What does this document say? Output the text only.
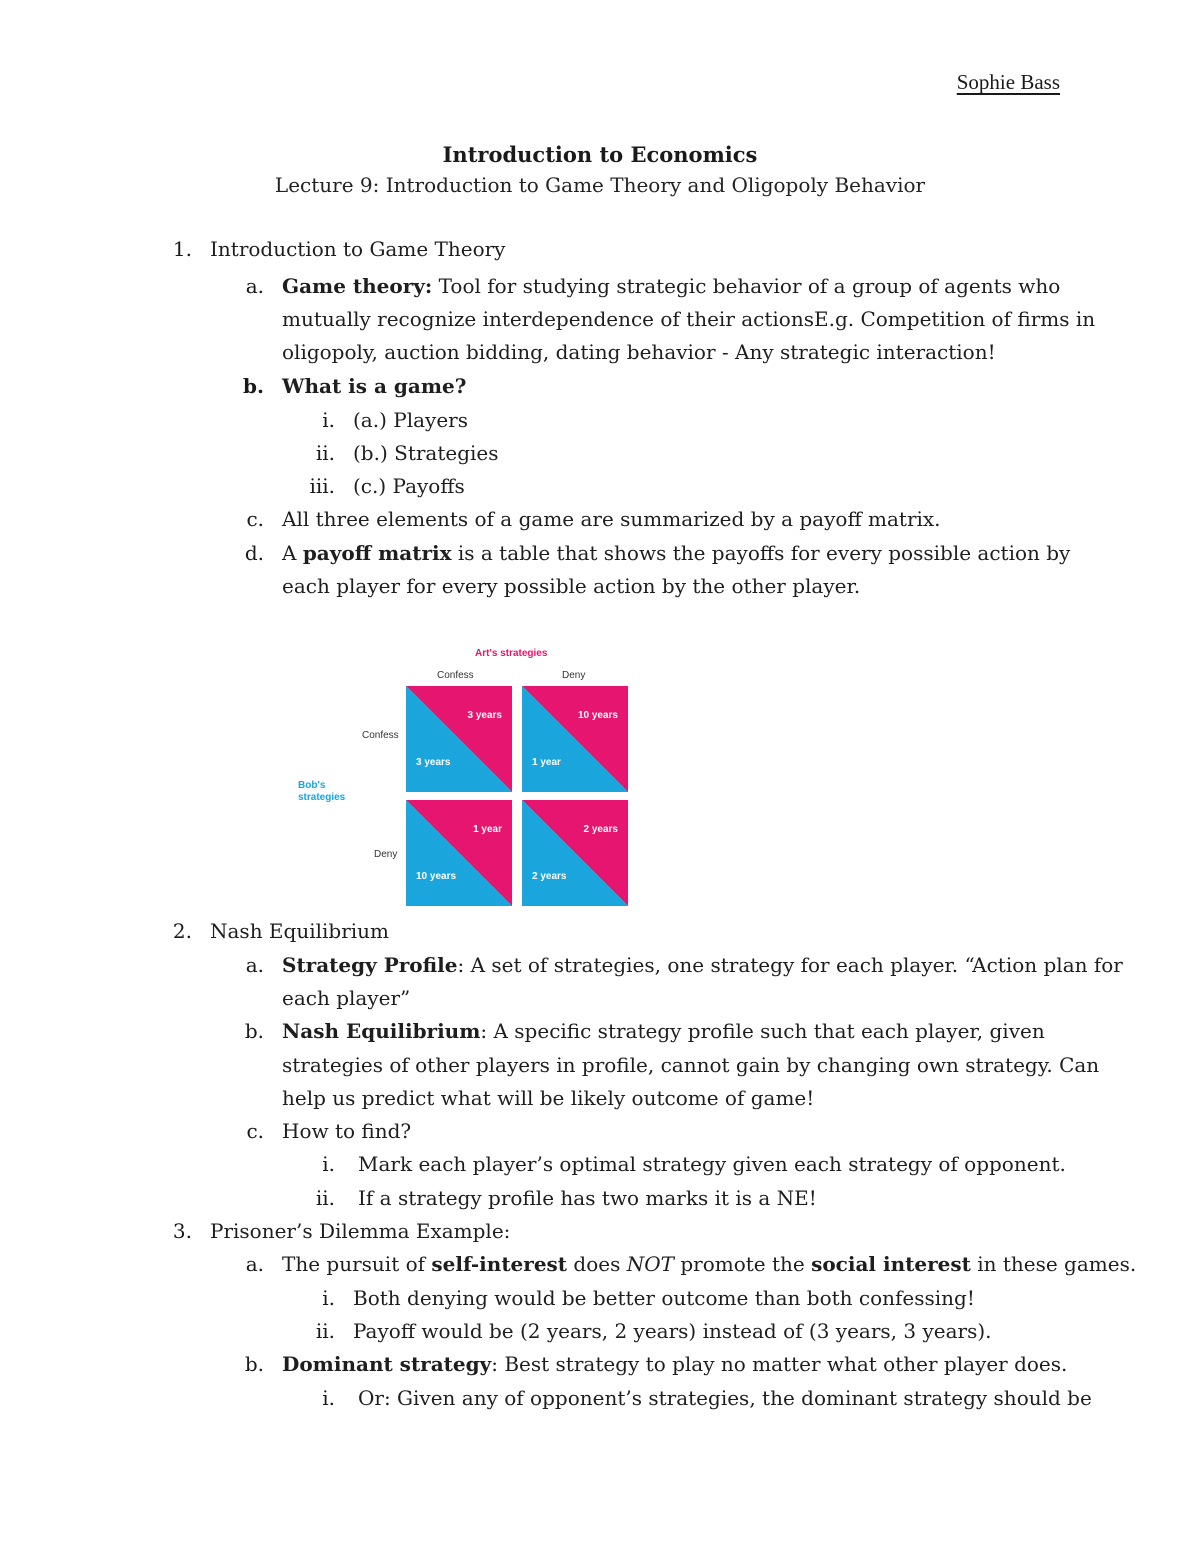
Sophie Bass
Introduction to Economics
Lecture 9: Introduction to Game Theory and Oligopoly Behavior
1. Introduction to Game Theory
a. Game theory: Tool for studying strategic behavior of a group of agents who
mutually recognize interdependence of their actionsE.g. Competition of firms in
oligopoly, auction bidding, dating behavior - Any strategic interaction!
b. What is a game?
i. (a.) Players
ii. (b.) Strategies
iii. (c.) Payoffs
c. All three elements of a game are summarized by a payoff matrix.
d. A payoff matrix is a table that shows the payoffs for every possible action by
each player for every possible action by the other player.
Art's strategies
Confess	Deny
Confess
Deny
Bob's
strategies
3 years
3 years
10 years
1 year
1 year
10 years
2 years
2 years
2. Nash Equilibrium
a. Strategy Profile: A set of strategies, one strategy for each player. “Action plan for
each player”
b. Nash Equilibrium: A specific strategy profile such that each player, given
strategies of other players in profile, cannot gain by changing own strategy. Can
help us predict what will be likely outcome of game!
c. How to find?
i. Mark each player’s optimal strategy given each strategy of opponent.
ii. If a strategy profile has two marks it is a NE!
3. Prisoner’s Dilemma Example:
a. The pursuit of self-interest does NOT promote the social interest in these games.
i. Both denying would be better outcome than both confessing!
ii. Payoff would be (2 years, 2 years) instead of (3 years, 3 years).
b. Dominant strategy: Best strategy to play no matter what other player does.
i. Or: Given any of opponent’s strategies, the dominant strategy should be
